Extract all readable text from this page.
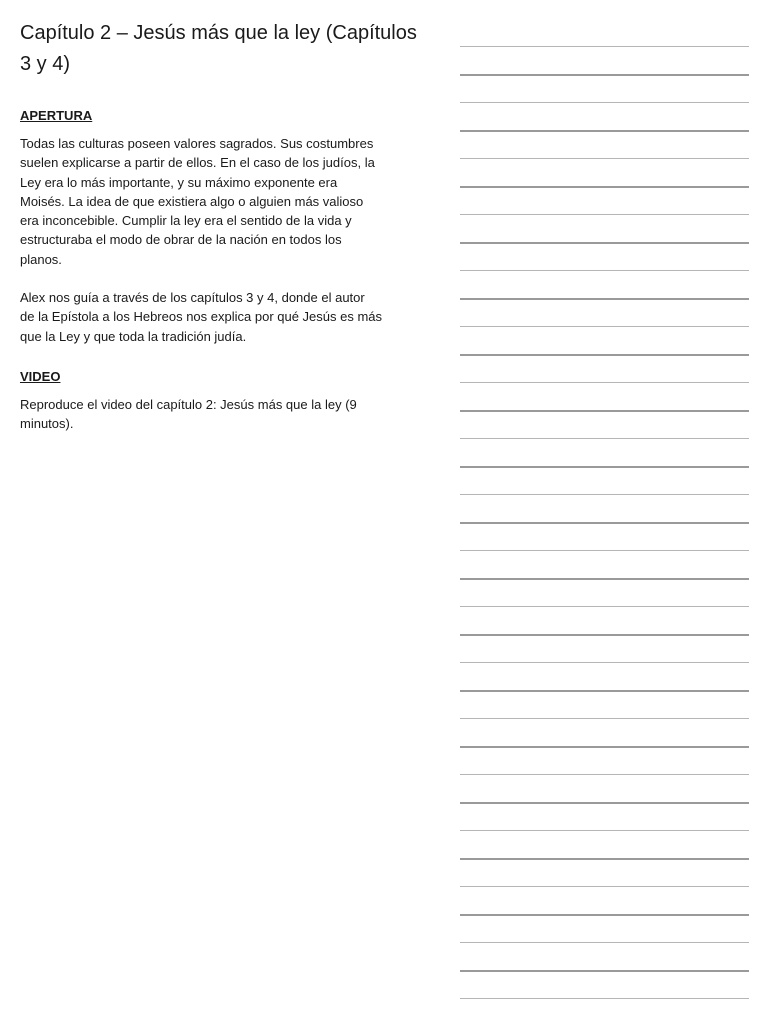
Capítulo 2 – Jesús más que la ley (Capítulos
3 y 4)
APERTURA

Todas las culturas poseen valores sagrados. Sus costumbres
suelen explicarse a partir de ellos. En el caso de los judíos, la
Ley era lo más importante, y su máximo exponente era
Moisés. La idea de que existiera algo o alguien más valioso
era inconcebible. Cumplir la ley era el sentido de la vida y
estructuraba el modo de obrar de la nación en todos los
planos.

Alex nos guía a través de los capítulos 3 y 4, donde el autor
de la Epístola a los Hebreos nos explica por qué Jesús es más
que la Ley y que toda la tradición judía.

VIDEO

Reproduce el video del capítulo 2: Jesús más que la ley (9
minutos).
